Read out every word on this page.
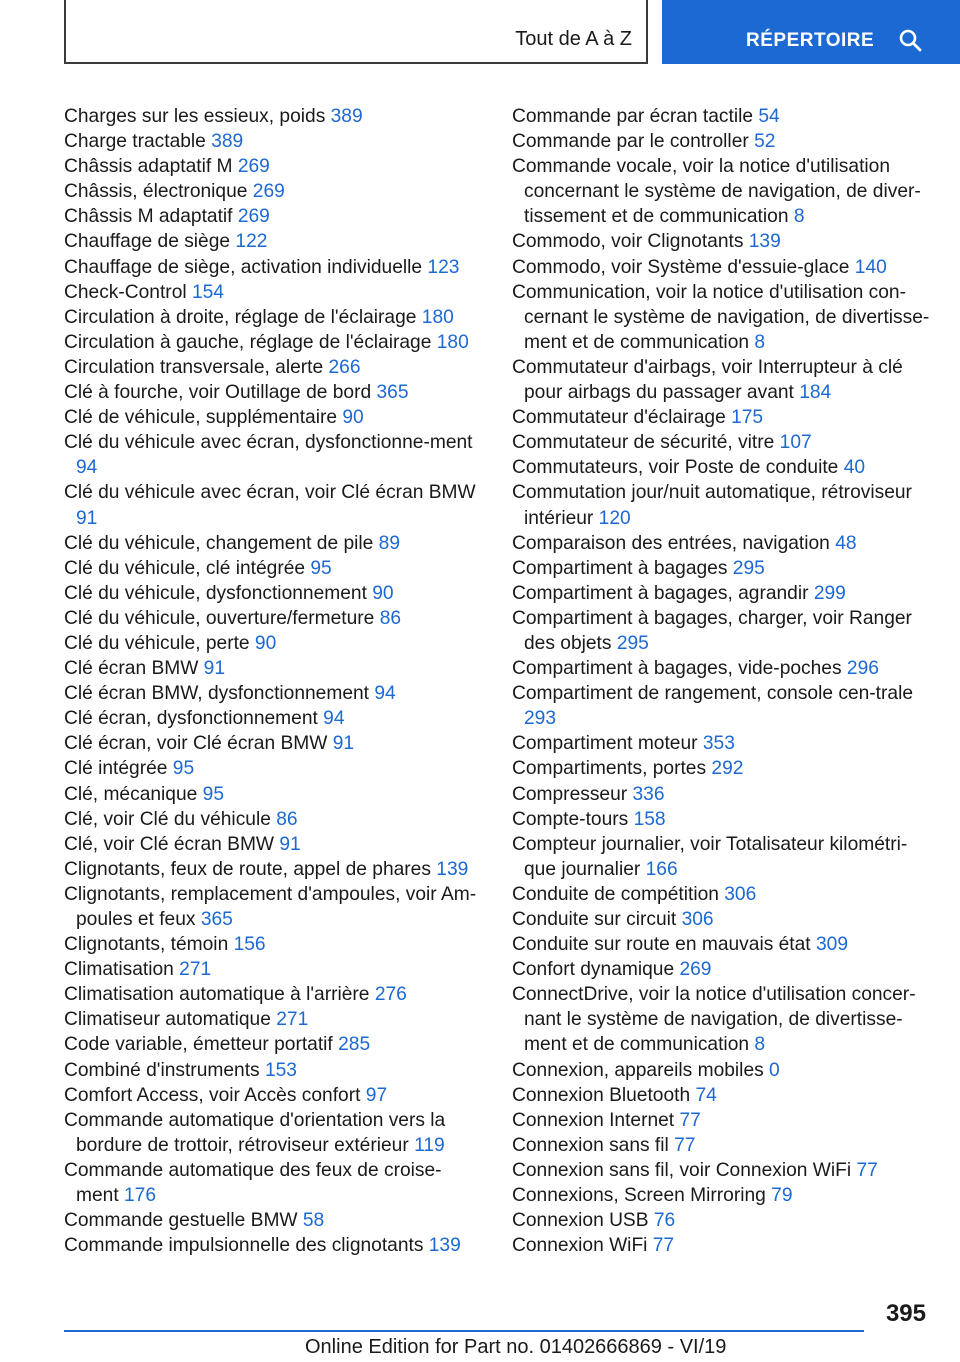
Tout de A à Z	RÉPERTOIRE
Charges sur les essieux, poids 389
Charge tractable 389
Châssis adaptatif M 269
Châssis, électronique 269
Châssis M adaptatif 269
Chauffage de siège 122
Chauffage de siège, activation individuelle 123
Check-Control 154
Circulation à droite, réglage de l'éclairage 180
Circulation à gauche, réglage de l'éclairage 180
Circulation transversale, alerte 266
Clé à fourche, voir Outillage de bord 365
Clé de véhicule, supplémentaire 90
Clé du véhicule avec écran, dysfonctionne-ment 94
Clé du véhicule avec écran, voir Clé écran BMW 91
Clé du véhicule, changement de pile 89
Clé du véhicule, clé intégrée 95
Clé du véhicule, dysfonctionnement 90
Clé du véhicule, ouverture/fermeture 86
Clé du véhicule, perte 90
Clé écran BMW 91
Clé écran BMW, dysfonctionnement 94
Clé écran, dysfonctionnement 94
Clé écran, voir Clé écran BMW 91
Clé intégrée 95
Clé, mécanique 95
Clé, voir Clé du véhicule 86
Clé, voir Clé écran BMW 91
Clignotants, feux de route, appel de phares 139
Clignotants, remplacement d'ampoules, voir Am-poules et feux 365
Clignotants, témoin 156
Climatisation 271
Climatisation automatique à l'arrière 276
Climatiseur automatique 271
Code variable, émetteur portatif 285
Combiné d'instruments 153
Comfort Access, voir Accès confort 97
Commande automatique d'orientation vers la bordure de trottoir, rétroviseur extérieur 119
Commande automatique des feux de croise-ment 176
Commande gestuelle BMW 58
Commande impulsionnelle des clignotants 139
Commande par écran tactile 54
Commande par le controller 52
Commande vocale, voir la notice d'utilisation concernant le système de navigation, de diver-tissement et de communication 8
Commodo, voir Clignotants 139
Commodo, voir Système d'essuie-glace 140
Communication, voir la notice d'utilisation con-cernant le système de navigation, de divertisse-ment et de communication 8
Commutateur d'airbags, voir Interrupteur à clé pour airbags du passager avant 184
Commutateur d'éclairage 175
Commutateur de sécurité, vitre 107
Commutateurs, voir Poste de conduite 40
Commutation jour/nuit automatique, rétroviseur intérieur 120
Comparaison des entrées, navigation 48
Compartiment à bagages 295
Compartiment à bagages, agrandir 299
Compartiment à bagages, charger, voir Ranger des objets 295
Compartiment à bagages, vide-poches 296
Compartiment de rangement, console cen-trale 293
Compartiment moteur 353
Compartiments, portes 292
Compresseur 336
Compte-tours 158
Compteur journalier, voir Totalisateur kilométri-que journalier 166
Conduite de compétition 306
Conduite sur circuit 306
Conduite sur route en mauvais état 309
Confort dynamique 269
ConnectDrive, voir la notice d'utilisation concer-nant le système de navigation, de divertisse-ment et de communication 8
Connexion, appareils mobiles 0
Connexion Bluetooth 74
Connexion Internet 77
Connexion sans fil 77
Connexion sans fil, voir Connexion WiFi 77
Connexions, Screen Mirroring 79
Connexion USB 76
Connexion WiFi 77
395
Online Edition for Part no. 01402666869 - VI/19
